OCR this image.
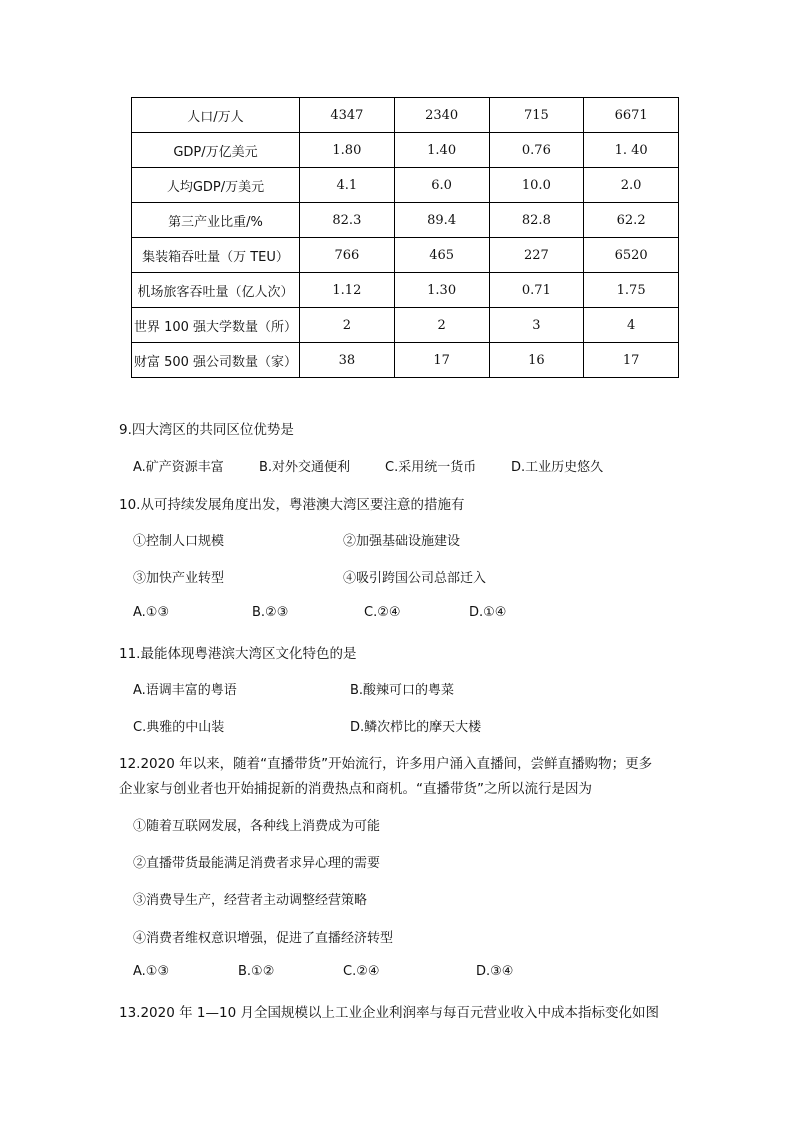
人口/万人	4347	2340	715	6671
GDP/万亿美元	1.80	1.40	0.76	1. 40
人均GDP/万美元	4.1	6.0	10.0	2.0
第三产业比重/%	82.3	89.4	82.8	62.2
集装箱吞吐量（万 TEU）	766	465	227	6520
机场旅客吞吐量（亿人次）	1.12	1.30	0.71	1.75
世界 100 强大学数量（所）	2	2	3	4
财富 500 强公司数量（家）	38	17	16	17
9.四大湾区的共同区位优势是
A.矿产资源丰富	B.对外交通便利	C.采用统一货币	D.工业历史悠久
10.从可持续发展角度出发，粤港澳大湾区要注意的措施有
①控制人口规模	②加强基础设施建设
③加快产业转型	④吸引跨国公司总部迁入
A.①③	B.②③	C.②④	D.①④
11.最能体现粤港滨大湾区文化特色的是
A.语调丰富的粤语	B.酸辣可口的粤菜
C.典雅的中山装	D.鳞次栉比的摩天大楼
12.2020 年以来，随着“直播带货”开始流行，许多用户涌入直播间，尝鲜直播购物；更多
企业家与创业者也开始捕捉新的消费热点和商机。“直播带货”之所以流行是因为
①随着互联网发展，各种线上消费成为可能
②直播带货最能满足消费者求异心理的需要
③消费导生产，经营者主动调整经营策略
④消费者维权意识增强，促进了直播经济转型
A.①③	B.①②	C.②④	D.③④
13.2020 年 1—10 月全国规模以上工业企业利润率与每百元营业收入中成本指标变化如图
